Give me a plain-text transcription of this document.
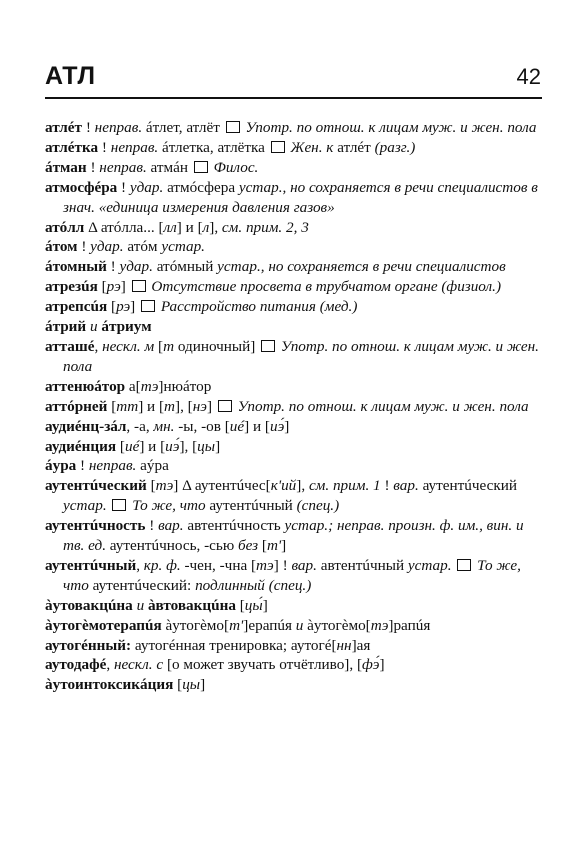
АТЛ	42

атлéт ! неправ. áтлет, атлёт  Употр. по отнош. к лицам муж. и жен. пола

атлéтка ! неправ. áтлетка, атлётка  Жен. к атлéт (разг.)

áтман ! неправ. атмáн  Филос.

атмосфéра ! удар. атмóсфера устар., но сохраняется в речи специалистов в знач. «единица измерения давления газов»

атóлл Δ атóлла... [лл] и [л], см. прим. 2, 3

áтом ! удар. атóм устар.

áтомный ! удар. атóмный устар., но сохраняется в речи специалистов

атрезúя [рэ]  Отсутствие просвета в трубчатом органе (физиол.)

атрепсúя [рэ]  Расстройство питания (мед.)

áтрий и áтриум

атташé, нескл. м [т одиночный]  Употр. по отнош. к лицам муж. и жен. пола

аттенюáтор а[тэ]нюáтор

аттóрней [тт] и [т], [нэ]  Употр. по отнош. к лицам муж. и жен. пола

аудиéнц-зáл, -а, мн. -ы, -ов [иé] и [иэ́]

аудиéнция [иé] и [иэ́], [цы]

áура ! неправ. аýра

аутентúческий [тэ] Δ аутентúчес[к'ий], см. прим. 1 ! вар. аутентúческий устар.  То же, что аутентúчный (спец.)

аутентúчность ! вар. автентúчность устар.; неправ. произн. ф. им., вин. и тв. ед. аутентúчнось, -сью без [т']

аутентúчный, кр. ф. -чен, -чна [тэ] ! вар. автентúчный устар.  То же, что аутентúческий: подлинный (спец.)

àутовакцúна и àвтовакцúна [цы́]

àутогèмотерапúя àутогèмо[т']ерапúя и àутогèмо[тэ]рапúя

аутогéнный: аутогéнная тренировка; аутогé[нн]ая

аутодафé, нескл. с [о может звучать отчётливо], [фэ́]

àутоинтоксикáция [цы]
